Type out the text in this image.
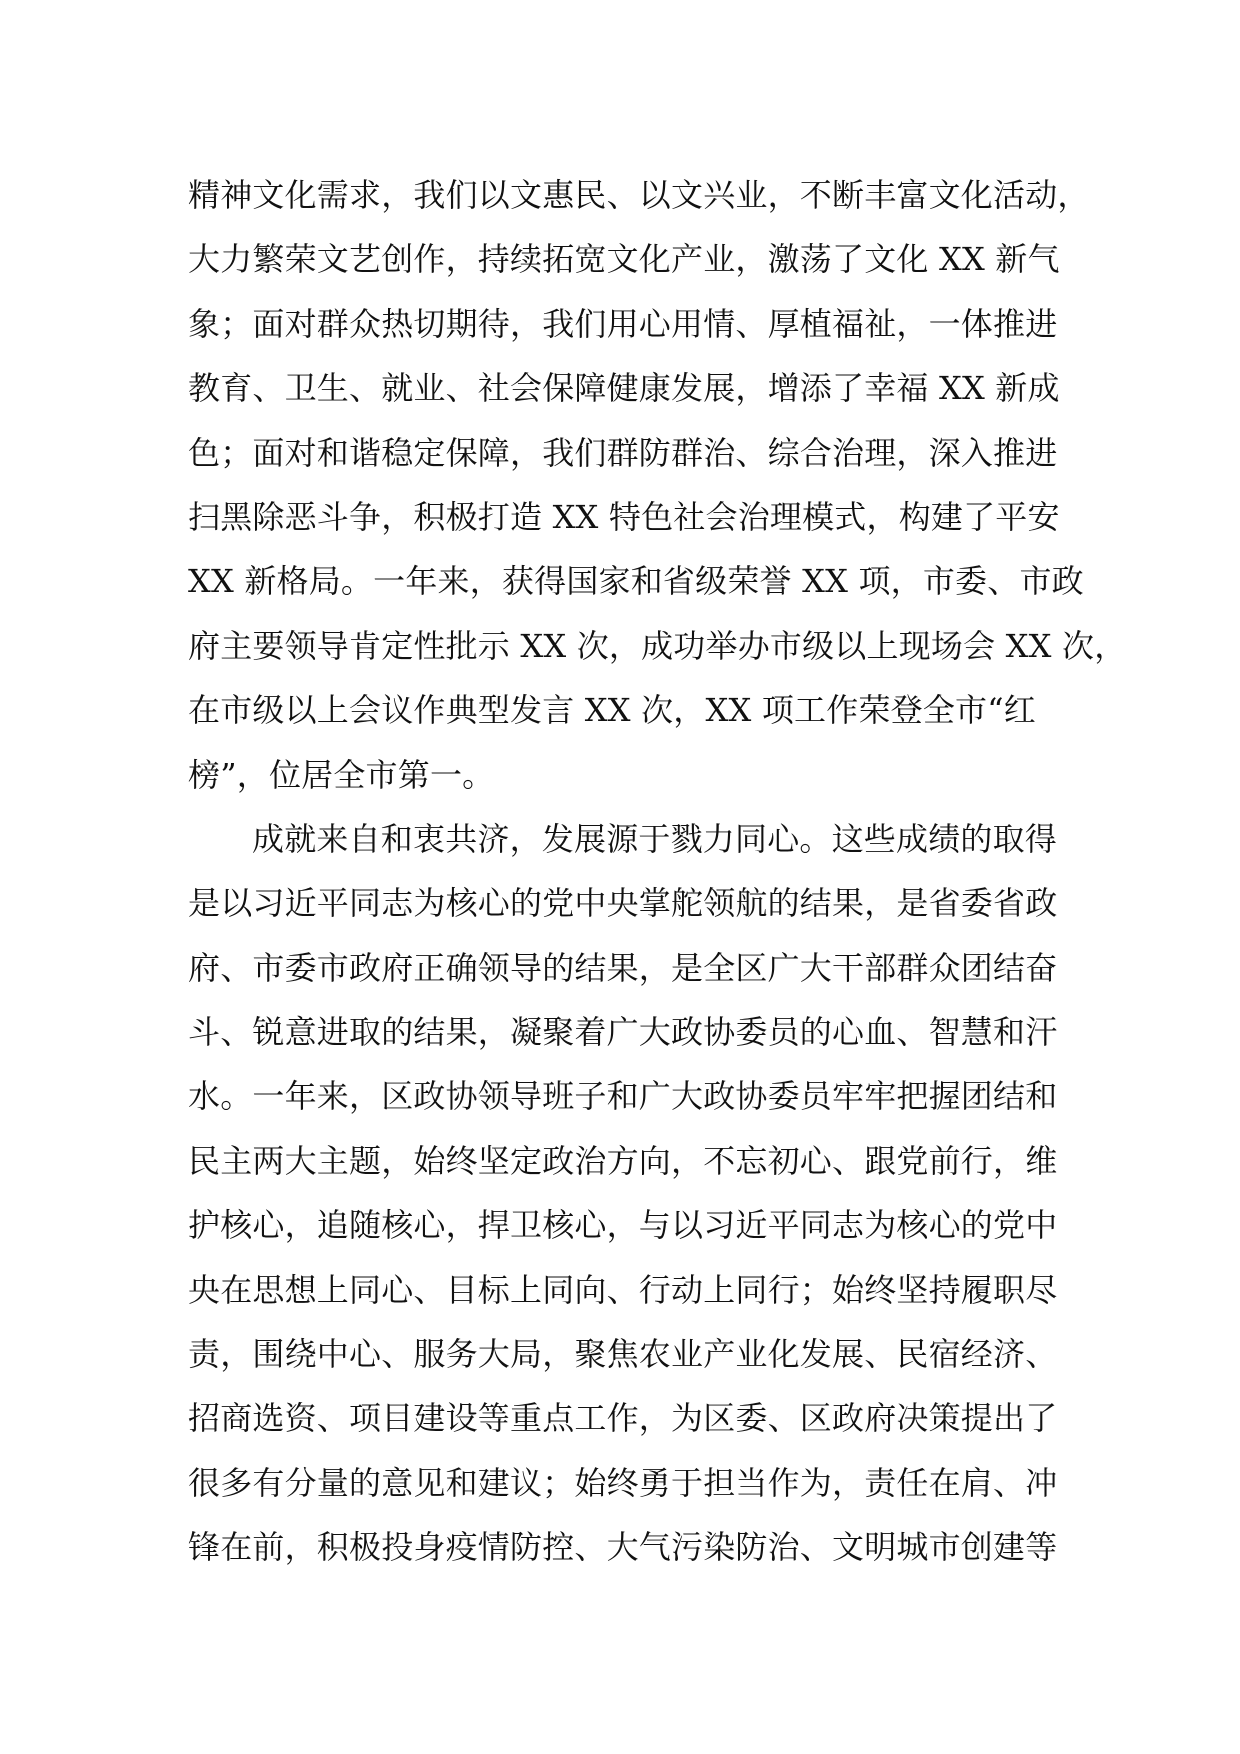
精神文化需求，我们以文惠民、以文兴业，不断丰富文化活动，
大力繁荣文艺创作，持续拓宽文化产业，激荡了文化 XX 新气
象；面对群众热切期待，我们用心用情、厚植福祉，一体推进
教育、卫生、就业、社会保障健康发展，增添了幸福 XX 新成
色；面对和谐稳定保障，我们群防群治、综合治理，深入推进
扫黑除恶斗争，积极打造 XX 特色社会治理模式，构建了平安
XX 新格局。一年来，获得国家和省级荣誉 XX 项，市委、市政
府主要领导肯定性批示 XX 次，成功举办市级以上现场会 XX 次，
在市级以上会议作典型发言 XX 次，XX 项工作荣登全市“红
榜”，位居全市第一。
成就来自和衷共济，发展源于戮力同心。这些成绩的取得
是以习近平同志为核心的党中央掌舵领航的结果，是省委省政
府、市委市政府正确领导的结果，是全区广大干部群众团结奋
斗、锐意进取的结果，凝聚着广大政协委员的心血、智慧和汗
水。一年来，区政协领导班子和广大政协委员牢牢把握团结和
民主两大主题，始终坚定政治方向，不忘初心、跟党前行，维
护核心，追随核心，捍卫核心，与以习近平同志为核心的党中
央在思想上同心、目标上同向、行动上同行；始终坚持履职尽
责，围绕中心、服务大局，聚焦农业产业化发展、民宿经济、
招商选资、项目建设等重点工作，为区委、区政府决策提出了
很多有分量的意见和建议；始终勇于担当作为，责任在肩、冲
锋在前，积极投身疫情防控、大气污染防治、文明城市创建等
